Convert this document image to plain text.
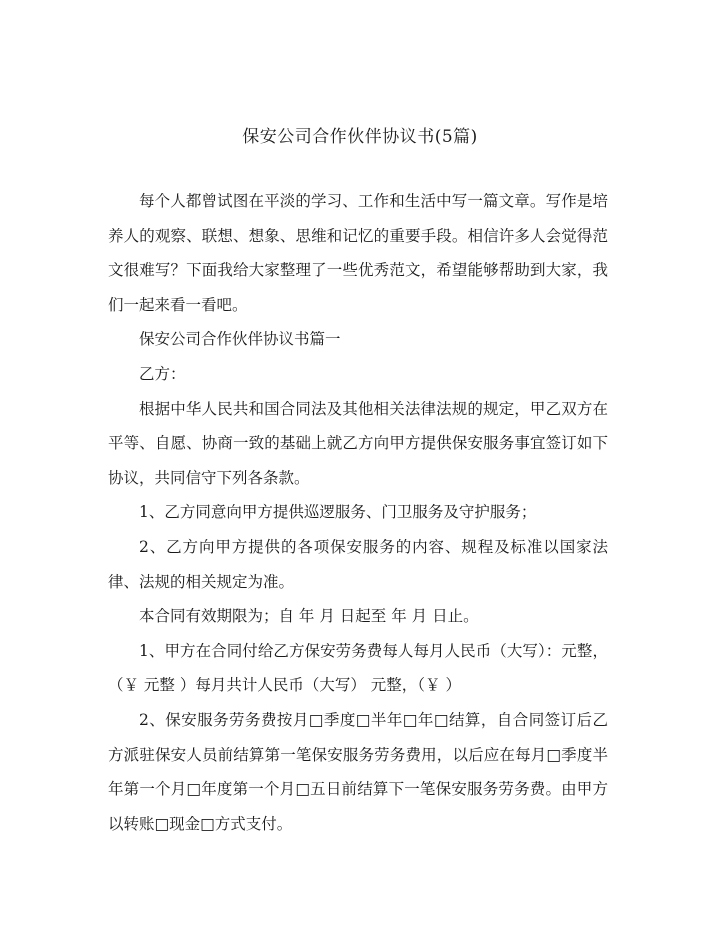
保安公司合作伙伴协议书(5篇)

每个人都曾试图在平淡的学习、工作和生活中写一篇文章。写作是培养人的观察、联想、想象、思维和记忆的重要手段。相信许多人会觉得范文很难写？下面我给大家整理了一些优秀范文，希望能够帮助到大家，我们一起来看一看吧。

保安公司合作伙伴协议书篇一

乙方：

根据中华人民共和国合同法及其他相关法律法规的规定，甲乙双方在平等、自愿、协商一致的基础上就乙方向甲方提供保安服务事宜签订如下协议，共同信守下列各条款。

1、乙方同意向甲方提供巡逻服务、门卫服务及守护服务；

2、乙方向甲方提供的各项保安服务的内容、规程及标准以国家法律、法规的相关规定为准。

本合同有效期限为；自 年 月 日起至 年 月 日止。

1、甲方在合同付给乙方保安劳务费每人每月人民币（大写）：元整，（￥ 元整 ）每月共计人民币（大写） 元整，（￥ ）

2、保安服务劳务费按月□季度□半年□年□结算，自合同签订后乙方派驻保安人员前结算第一笔保安服务劳务费用，以后应在每月□季度半年第一个月□年度第一个月□五日前结算下一笔保安服务劳务费。由甲方以转账□现金□方式支付。
